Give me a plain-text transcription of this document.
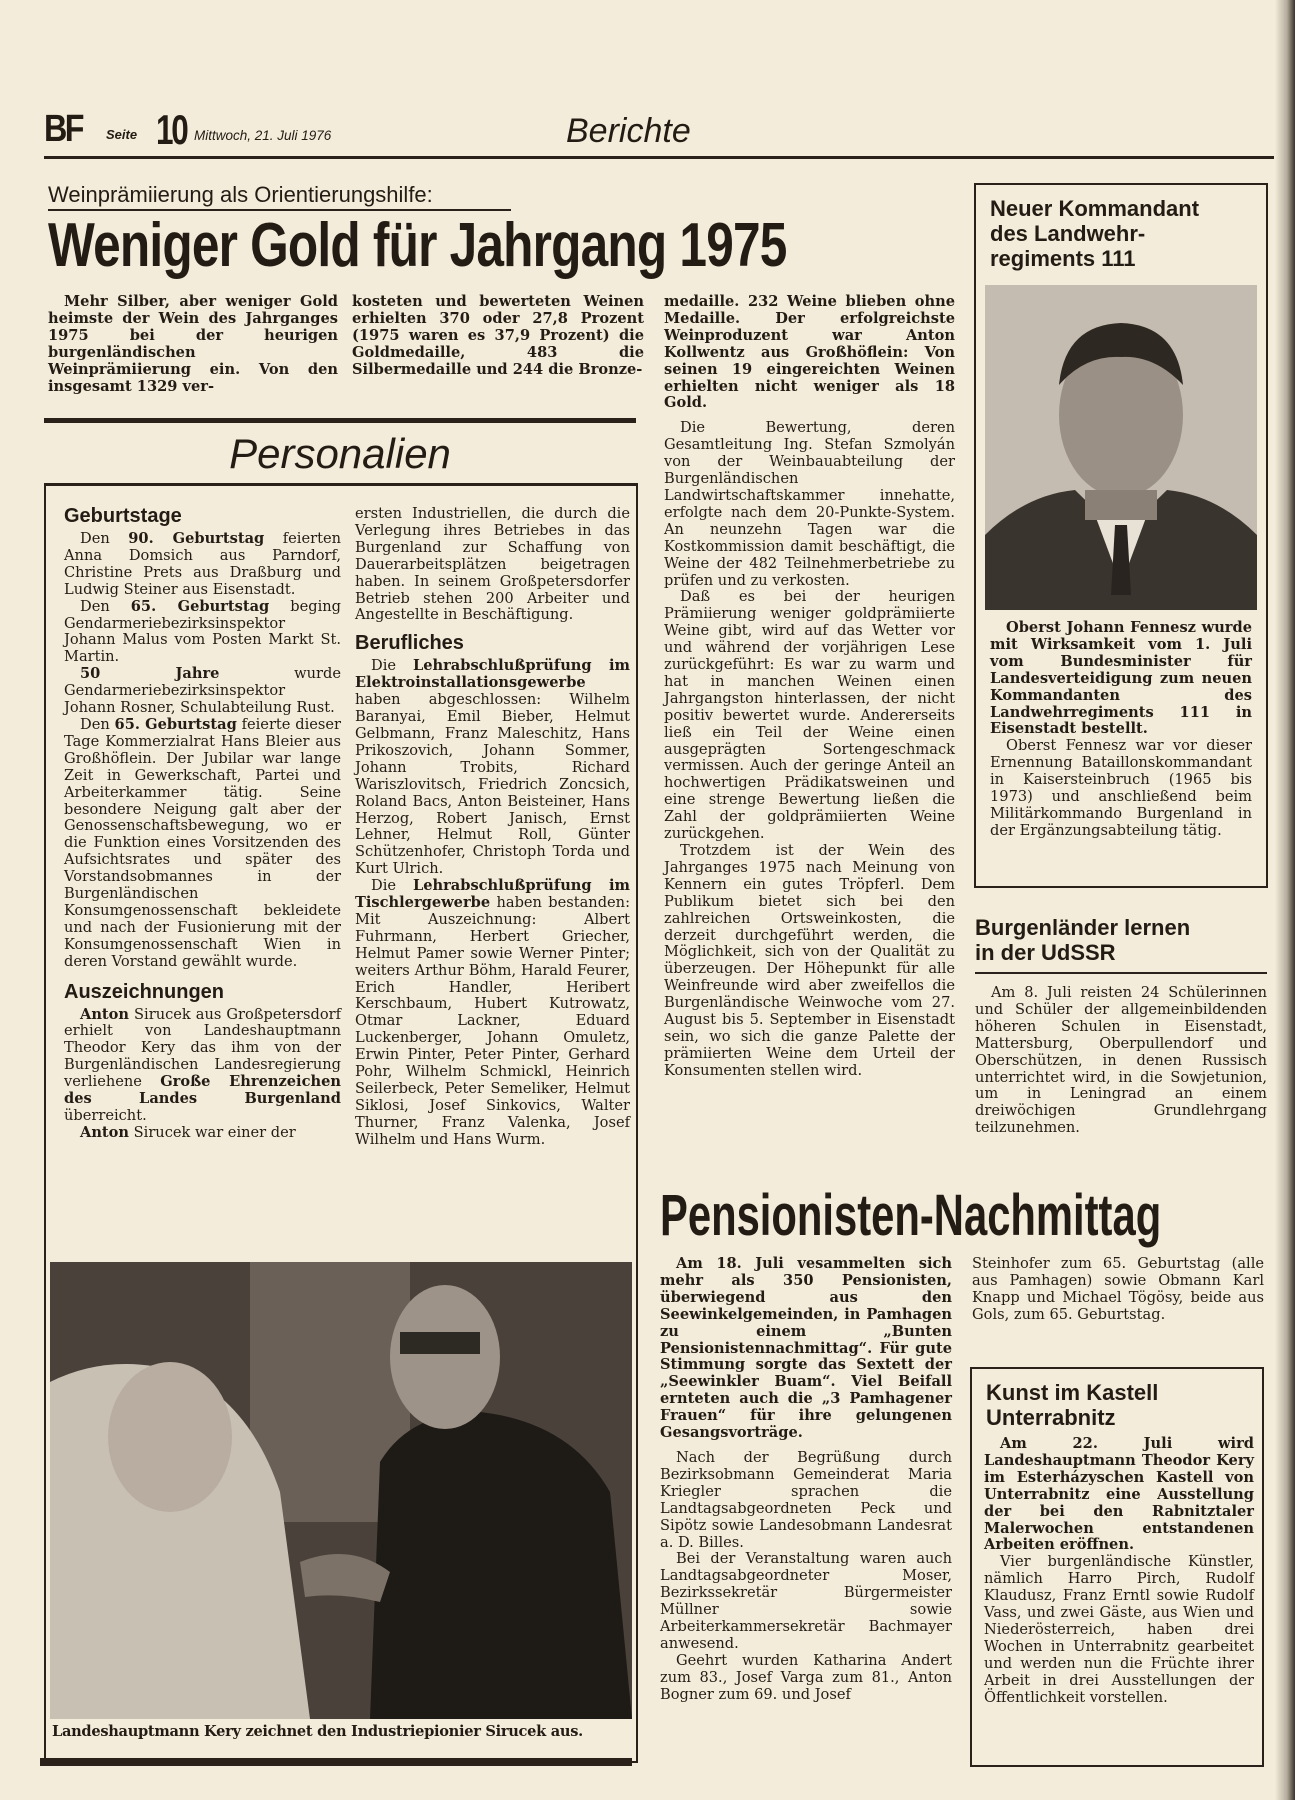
BF Seite 10 Mittwoch, 21. Juli 1976	Berichte
Weinprämiierung als Orientierungshilfe:
Weniger Gold für Jahrgang 1975

Mehr Silber, aber weniger Gold heimste der Wein des Jahrganges 1975 bei der heurigen burgenländischen Weinprämiierung ein. Von den insgesamt 1329 ver-

kosteten und bewerteten Weinen erhielten 370 oder 27,8 Prozent (1975 waren es 37,9 Prozent) die Goldmedaille, 483 die Silbermedaille und 244 die Bronze-

medaille. 232 Weine blieben ohne Medaille. Der erfolgreichste Weinproduzent war Anton Kollwentz aus Großhöflein: Von seinen 19 eingereichten Weinen erhielten nicht weniger als 18 Gold.

Die Bewertung, deren Gesamtleitung Ing. Stefan Szmolyán von der Weinbauabteilung der Burgenländischen Landwirtschaftskammer innehatte, erfolgte nach dem 20-Punkte-System. An neunzehn Tagen war die Kostkommission damit beschäftigt, die Weine der 482 Teilnehmerbetriebe zu prüfen und zu verkosten.

Daß es bei der heurigen Prämiierung weniger goldprämiierte Weine gibt, wird auf das Wetter vor und während der vorjährigen Lese zurückgeführt: Es war zu warm und hat in manchen Weinen einen Jahrgangston hinterlassen, der nicht positiv bewertet wurde. Andererseits ließ ein Teil der Weine einen ausgeprägten Sortengeschmack vermissen. Auch der geringe Anteil an hochwertigen Prädikatsweinen und eine strenge Bewertung ließen die Zahl der goldprämiierten Weine zurückgehen.

Trotzdem ist der Wein des Jahrganges 1975 nach Meinung von Kennern ein gutes Tröpferl. Dem Publikum bietet sich bei den zahlreichen Ortsweinkosten, die derzeit durchgeführt werden, die Möglichkeit, sich von der Qualität zu überzeugen. Der Höhepunkt für alle Weinfreunde wird aber zweifellos die Burgenländische Weinwoche vom 27. August bis 5. September in Eisenstadt sein, wo sich die ganze Palette der prämiierten Weine dem Urteil der Konsumenten stellen wird.

Personalien
Geburtstage

Den 90. Geburtstag feierten Anna Domsich aus Parndorf, Christine Prets aus Draßburg und Ludwig Steiner aus Eisenstadt.

Den 65. Geburtstag beging Gendarmeriebezirksinspektor Johann Malus vom Posten Markt St. Martin.

50 Jahre wurde Gendarmeriebezirksinspektor Johann Rosner, Schulabteilung Rust.

Den 65. Geburtstag feierte dieser Tage Kommerzialrat Hans Bleier aus Großhöflein. Der Jubilar war lange Zeit in Gewerkschaft, Partei und Arbeiterkammer tätig. Seine besondere Neigung galt aber der Genossenschaftsbewegung, wo er die Funktion eines Vorsitzenden des Aufsichtsrates und später des Vorstandsobmannes in der Burgenländischen Konsumgenossenschaft bekleidete und nach der Fusionierung mit der Konsumgenossenschaft Wien in deren Vorstand gewählt wurde.

Auszeichnungen

Anton Sirucek aus Großpetersdorf erhielt von Landeshauptmann Theodor Kery das ihm von der Burgenländischen Landesregierung verliehene Große Ehrenzeichen des Landes Burgenland überreicht.

Anton Sirucek war einer der

ersten Industriellen, die durch die Verlegung ihres Betriebes in das Burgenland zur Schaffung von Dauerarbeitsplätzen beigetragen haben. In seinem Großpetersdorfer Betrieb stehen 200 Arbeiter und Angestellte in Beschäftigung.

Berufliches

Die Lehrabschlußprüfung im Elektroinstallationsgewerbe haben abgeschlossen: Wilhelm Baranyai, Emil Bieber, Helmut Gelbmann, Franz Maleschitz, Hans Prikoszovich, Johann Sommer, Johann Trobits, Richard Wariszlovitsch, Friedrich Zoncsich, Roland Bacs, Anton Beisteiner, Hans Herzog, Robert Janisch, Ernst Lehner, Helmut Roll, Günter Schützenhofer, Christoph Torda und Kurt Ulrich.

Die Lehrabschlußprüfung im Tischlergewerbe haben bestanden: Mit Auszeichnung: Albert Fuhrmann, Herbert Griecher, Helmut Pamer sowie Werner Pinter; weiters Arthur Böhm, Harald Feurer, Erich Handler, Heribert Kerschbaum, Hubert Kutrowatz, Otmar Lackner, Eduard Luckenberger, Johann Omuletz, Erwin Pinter, Peter Pinter, Gerhard Pohr, Wilhelm Schmickl, Heinrich Seilerbeck, Peter Semeliker, Helmut Siklosi, Josef Sinkovics, Walter Thurner, Franz Valenka, Josef Wilhelm und Hans Wurm.

Landeshauptmann Kery zeichnet den Industriepionier Sirucek aus.
Neuer Kommandant
des Landwehr-
regiments 111

Oberst Johann Fennesz wurde mit Wirksamkeit vom 1. Juli vom Bundesminister für Landesverteidigung zum neuen Kommandanten des Landwehrregiments 111 in Eisenstadt bestellt.

Oberst Fennesz war vor dieser Ernennung Bataillonskommandant in Kaisersteinbruch (1965 bis 1973) und anschließend beim Militärkommando Burgenland in der Ergänzungsabteilung tätig.

Burgenländer lernen
in der UdSSR

Am 8. Juli reisten 24 Schülerinnen und Schüler der allgemeinbildenden höheren Schulen in Eisenstadt, Mattersburg, Oberpullendorf und Oberschützen, in denen Russisch unterrichtet wird, in die Sowjetunion, um in Leningrad an einem dreiwöchigen Grundlehrgang teilzunehmen.

Pensionisten-Nachmittag

Am 18. Juli vesammelten sich mehr als 350 Pensionisten, überwiegend aus den Seewinkelgemeinden, in Pamhagen zu einem „Bunten Pensionistennachmittag“. Für gute Stimmung sorgte das Sextett der „Seewinkler Buam“. Viel Beifall ernteten auch die „3 Pamhagener Frauen“ für ihre gelungenen Gesangsvorträge.

Nach der Begrüßung durch Bezirksobmann Gemeinderat Maria Kriegler sprachen die Landtagsabgeordneten Peck und Sipötz sowie Landesobmann Landesrat a. D. Billes.

Bei der Veranstaltung waren auch Landtagsabgeordneter Moser, Bezirkssekretär Bürgermeister Müllner sowie Arbeiterkammersekretär Bachmayer anwesend.

Geehrt wurden Katharina Andert zum 83., Josef Varga zum 81., Anton Bogner zum 69. und Josef

Steinhofer zum 65. Geburtstag (alle aus Pamhagen) sowie Obmann Karl Knapp und Michael Tögösy, beide aus Gols, zum 65. Geburtstag.

Kunst im Kastell
Unterrabnitz

Am 22. Juli wird Landeshauptmann Theodor Kery im Esterházyschen Kastell von Unterrabnitz eine Ausstellung der bei den Rabnitztaler Malerwochen entstandenen Arbeiten eröffnen.

Vier burgenländische Künstler, nämlich Harro Pirch, Rudolf Klaudusz, Franz Erntl sowie Rudolf Vass, und zwei Gäste, aus Wien und Niederösterreich, haben drei Wochen in Unterrabnitz gearbeitet und werden nun die Früchte ihrer Arbeit in drei Ausstellungen der Öffentlichkeit vorstellen.
